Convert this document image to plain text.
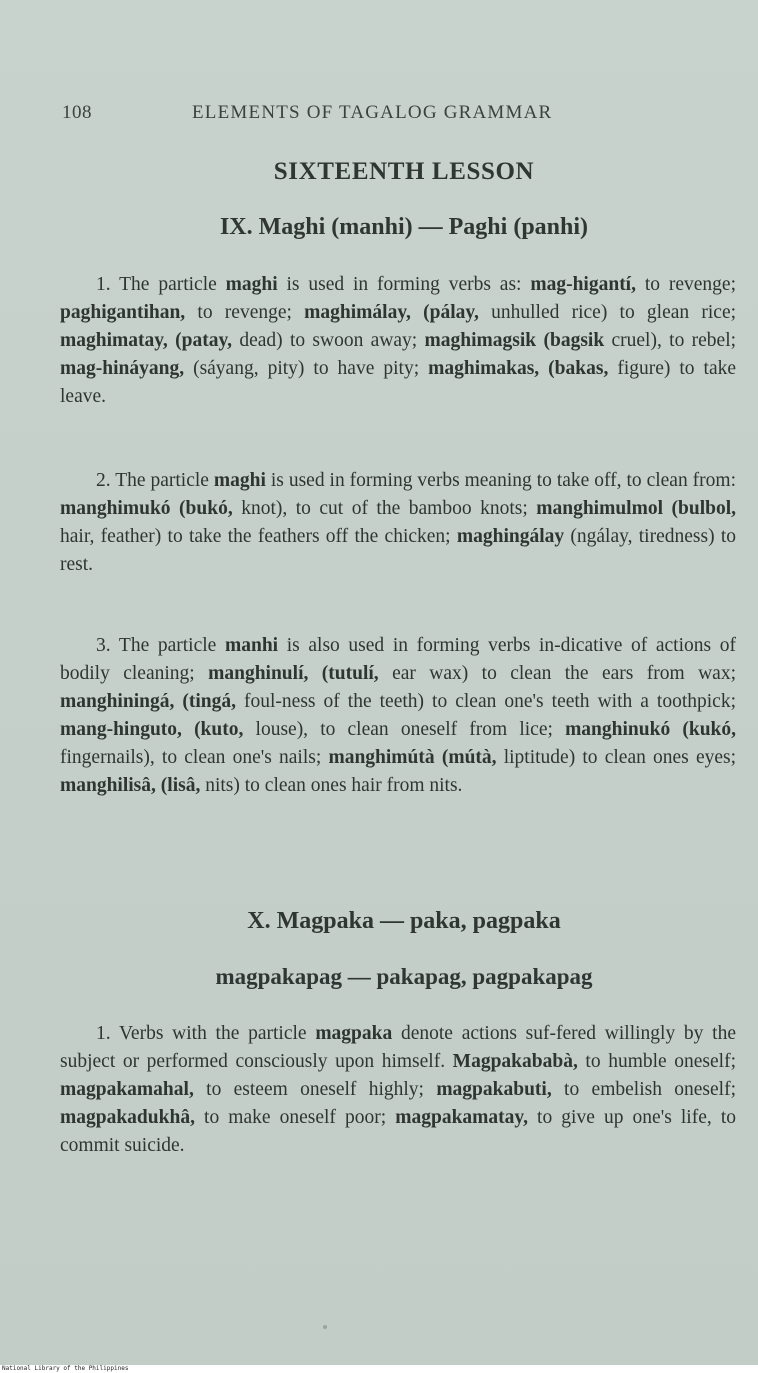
108	ELEMENTS OF TAGALOG GRAMMAR
SIXTEENTH LESSON
IX. Maghi (manhi) — Paghi (panhi)

1. The particle maghi is used in forming verbs as: mag-higantí, to revenge; paghigantihan, to revenge; maghimálay, (pálay, unhulled rice) to glean rice; maghimatay, (patay, dead) to swoon away; maghimagsik (bagsik cruel), to rebel; mag-hináyang, (sáyang, pity) to have pity; maghimakas, (bakas, figure) to take leave.

2. The particle maghi is used in forming verbs meaning to take off, to clean from: manghimukó (bukó, knot), to cut of the bamboo knots; manghimulmol (bulbol, hair, feather) to take the feathers off the chicken; maghingálay (ngálay, tiredness) to rest.

3. The particle manhi is also used in forming verbs in-dicative of actions of bodily cleaning; manghinulí, (tutulí, ear wax) to clean the ears from wax; manghiningá, (tingá, foul-ness of the teeth) to clean one's teeth with a toothpick; mang-hinguto, (kuto, louse), to clean oneself from lice; manghinukó (kukó, fingernails), to clean one's nails; manghimútà (mútà, liptitude) to clean ones eyes; manghilisâ, (lisâ, nits) to clean ones hair from nits.

X. Magpaka — paka, pagpaka
magpakapag — pakapag, pagpakapag

1. Verbs with the particle magpaka denote actions suf-fered willingly by the subject or performed consciously upon himself. Magpakababà, to humble oneself; magpakamahal, to esteem oneself highly; magpakabuti, to embelish oneself; magpakadukhâ, to make oneself poor; magpakamatay, to give up one's life, to commit suicide.

National Library of the Philippines
